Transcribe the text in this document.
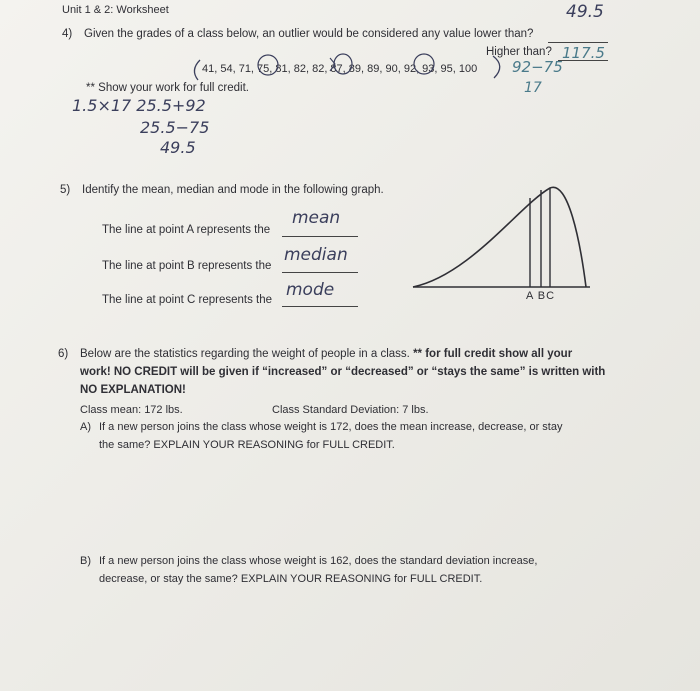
Unit 1 & 2: Worksheet
4) Given the grades of a class below, an outlier would be considered any value lower than?
49.5
Higher than? 117.5
41, 54, 71, 75, 81, 82, 82, 87, 89, 89, 90, 92, 93, 95, 100 92−75
17
** Show your work for full credit.
1.5×17 25.5+92
25.5−75
49.5
5) Identify the mean, median and mode in the following graph.
The line at point A represents the
mean
The line at point B represents the
median
The line at point C represents the mode	A BC
6) Below are the statistics regarding the weight of people in a class. ** for full credit show all your
work! NO CREDIT will be given if “increased” or “decreased” or “stays the same” is written with
NO EXPLANATION!
Class mean: 172 lbs.	Class Standard Deviation: 7 lbs.
A) If a new person joins the class whose weight is 172, does the mean increase, decrease, or stay
the same? EXPLAIN YOUR REASONING for FULL CREDIT.
B) If a new person joins the class whose weight is 162, does the standard deviation increase,
decrease, or stay the same? EXPLAIN YOUR REASONING for FULL CREDIT.
